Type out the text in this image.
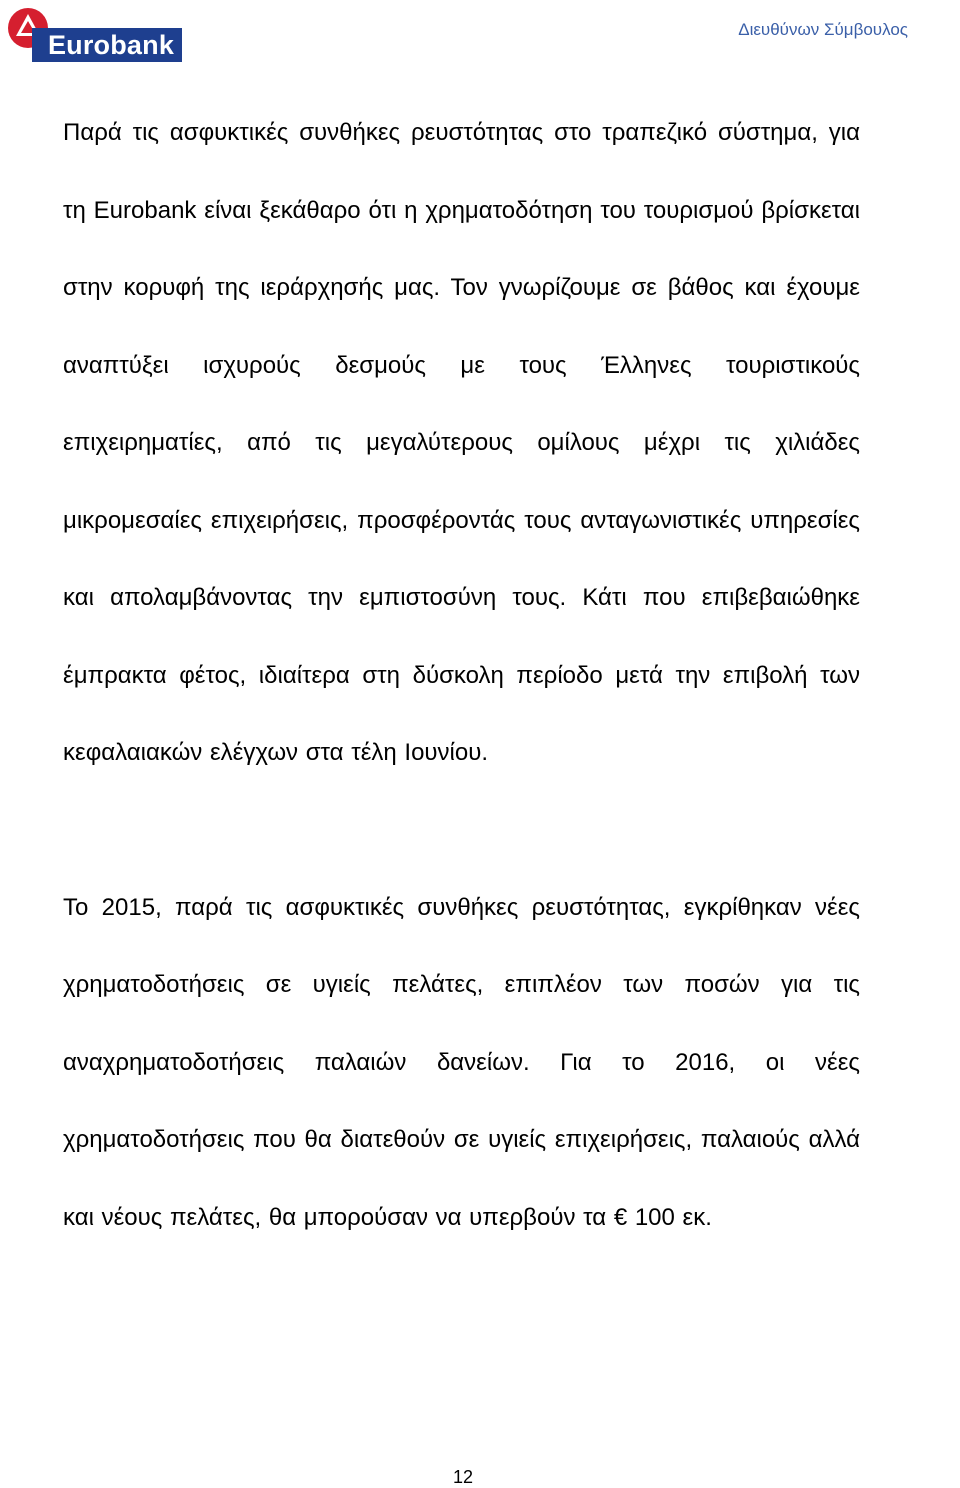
Eurobank	Διευθύνων Σύμβουλος

Παρά τις ασφυκτικές συνθήκες ρευστότητας στο τραπεζικό σύστημα, για τη Eurobank είναι ξεκάθαρο ότι η χρηματοδότηση του τουρισμού βρίσκεται στην κορυφή της ιεράρχησής μας. Τον γνωρίζουμε σε βάθος και έχουμε αναπτύξει ισχυρούς δεσμούς με τους Έλληνες τουριστικούς επιχειρηματίες, από τις μεγαλύτερους ομίλους μέχρι τις χιλιάδες μικρομεσαίες επιχειρήσεις, προσφέροντάς τους ανταγωνιστικές υπηρεσίες και απολαμβάνοντας την εμπιστοσύνη τους. Κάτι που επιβεβαιώθηκε έμπρακτα φέτος, ιδιαίτερα στη δύσκολη περίοδο μετά την επιβολή των κεφαλαιακών ελέγχων στα τέλη Ιουνίου.

Το 2015, παρά τις ασφυκτικές συνθήκες ρευστότητας, εγκρίθηκαν νέες χρηματοδοτήσεις σε υγιείς πελάτες, επιπλέον των ποσών για τις αναχρηματοδοτήσεις παλαιών δανείων. Για το 2016, οι νέες χρηματοδοτήσεις που θα διατεθούν σε υγιείς επιχειρήσεις, παλαιούς αλλά και νέους πελάτες, θα μπορούσαν να υπερβούν τα € 100 εκ.

12
